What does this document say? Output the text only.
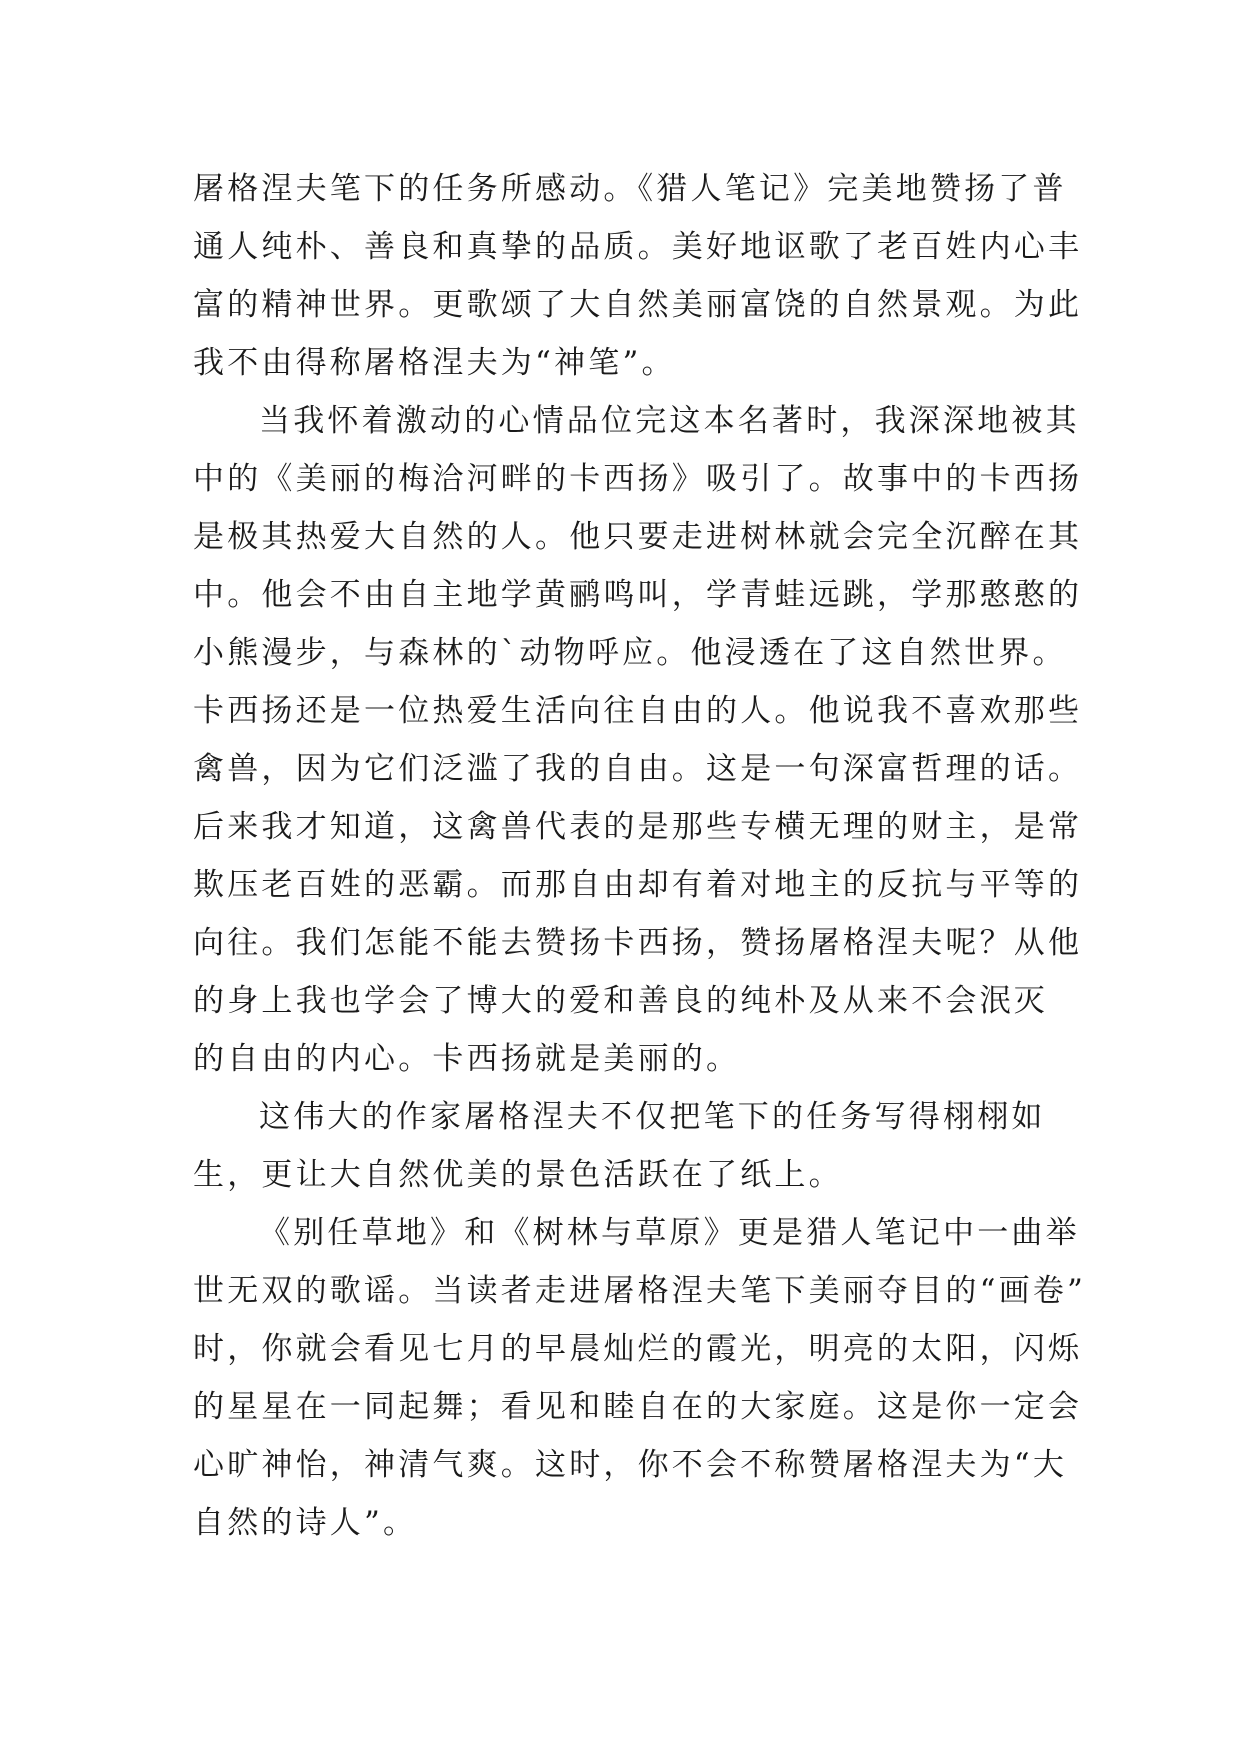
屠格涅夫笔下的任务所感动。《猎人笔记》完美地赞扬了普
通人纯朴、善良和真挚的品质。美好地讴歌了老百姓内心丰
富的精神世界。更歌颂了大自然美丽富饶的自然景观。为此
我不由得称屠格涅夫为“神笔”。
当我怀着激动的心情品位完这本名著时，我深深地被其
中的《美丽的梅洽河畔的卡西扬》吸引了。故事中的卡西扬
是极其热爱大自然的人。他只要走进树林就会完全沉醉在其
中。他会不由自主地学黄鹂鸣叫，学青蛙远跳，学那憨憨的
小熊漫步，与森林的`动物呼应。他浸透在了这自然世界。
卡西扬还是一位热爱生活向往自由的人。他说我不喜欢那些
禽兽，因为它们泛滥了我的自由。这是一句深富哲理的话。
后来我才知道，这禽兽代表的是那些专横无理的财主，是常
欺压老百姓的恶霸。而那自由却有着对地主的反抗与平等的
向往。我们怎能不能去赞扬卡西扬，赞扬屠格涅夫呢？从他
的身上我也学会了博大的爱和善良的纯朴及从来不会泯灭
的自由的内心。卡西扬就是美丽的。
这伟大的作家屠格涅夫不仅把笔下的任务写得栩栩如
生，更让大自然优美的景色活跃在了纸上。
《别任草地》和《树林与草原》更是猎人笔记中一曲举
世无双的歌谣。当读者走进屠格涅夫笔下美丽夺目的“画卷”
时，你就会看见七月的早晨灿烂的霞光，明亮的太阳，闪烁
的星星在一同起舞；看见和睦自在的大家庭。这是你一定会
心旷神怡，神清气爽。这时，你不会不称赞屠格涅夫为“大
自然的诗人”。
